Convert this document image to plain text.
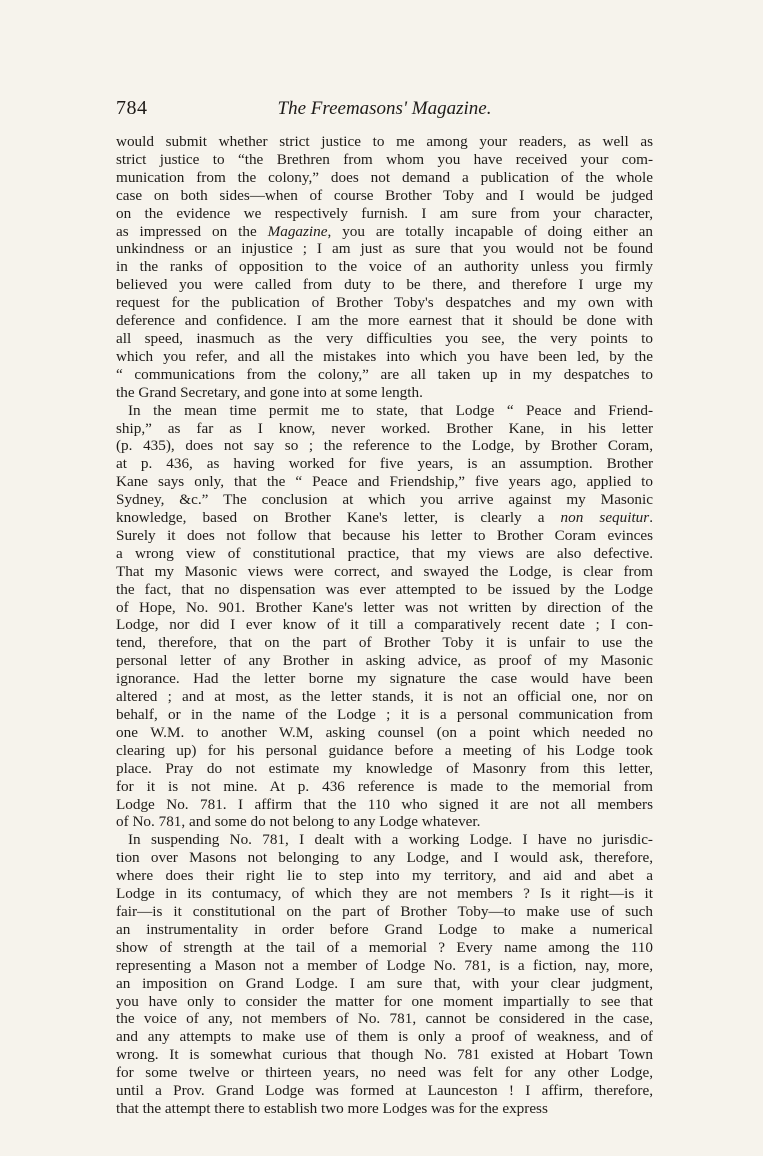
784	The Freemasons' Magazine.

would submit whether strict justice to me among your readers, as well as
strict justice to “the Brethren from whom you have received your com-
munication from the colony,” does not demand a publication of the whole
case on both sides—when of course Brother Toby and I would be judged
on the evidence we respectively furnish. I am sure from your character,
as impressed on the Magazine, you are totally incapable of doing either an
unkindness or an injustice ; I am just as sure that you would not be found
in the ranks of opposition to the voice of an authority unless you firmly
believed you were called from duty to be there, and therefore I urge my
request for the publication of Brother Toby's despatches and my own with
deference and confidence. I am the more earnest that it should be done with
all speed, inasmuch as the very difficulties you see, the very points to
which you refer, and all the mistakes into which you have been led, by the
“ communications from the colony,” are all taken up in my despatches to
the Grand Secretary, and gone into at some length.

In the mean time permit me to state, that Lodge “ Peace and Friend-
ship,” as far as I know, never worked. Brother Kane, in his letter
(p. 435), does not say so ; the reference to the Lodge, by Brother Coram,
at p. 436, as having worked for five years, is an assumption. Brother
Kane says only, that the “ Peace and Friendship,” five years ago, applied to
Sydney, &c.” The conclusion at which you arrive against my Masonic
knowledge, based on Brother Kane's letter, is clearly a non sequitur.
Surely it does not follow that because his letter to Brother Coram evinces
a wrong view of constitutional practice, that my views are also defective.
That my Masonic views were correct, and swayed the Lodge, is clear from
the fact, that no dispensation was ever attempted to be issued by the Lodge
of Hope, No. 901. Brother Kane's letter was not written by direction of the
Lodge, nor did I ever know of it till a comparatively recent date ; I con-
tend, therefore, that on the part of Brother Toby it is unfair to use the
personal letter of any Brother in asking advice, as proof of my Masonic
ignorance. Had the letter borne my signature the case would have been
altered ; and at most, as the letter stands, it is not an official one, nor on
behalf, or in the name of the Lodge ; it is a personal communication from
one W.M. to another W.M, asking counsel (on a point which needed no
clearing up) for his personal guidance before a meeting of his Lodge took
place. Pray do not estimate my knowledge of Masonry from this letter,
for it is not mine. At p. 436 reference is made to the memorial from
Lodge No. 781. I affirm that the 110 who signed it are not all members
of No. 781, and some do not belong to any Lodge whatever.

In suspending No. 781, I dealt with a working Lodge. I have no jurisdic-
tion over Masons not belonging to any Lodge, and I would ask, therefore,
where does their right lie to step into my territory, and aid and abet a
Lodge in its contumacy, of which they are not members ? Is it right—is it
fair—is it constitutional on the part of Brother Toby—to make use of such
an instrumentality in order before Grand Lodge to make a numerical
show of strength at the tail of a memorial ? Every name among the 110
representing a Mason not a member of Lodge No. 781, is a fiction, nay, more,
an imposition on Grand Lodge. I am sure that, with your clear judgment,
you have only to consider the matter for one moment impartially to see that
the voice of any, not members of No. 781, cannot be considered in the case,
and any attempts to make use of them is only a proof of weakness, and of
wrong. It is somewhat curious that though No. 781 existed at Hobart Town
for some twelve or thirteen years, no need was felt for any other Lodge,
until a Prov. Grand Lodge was formed at Launceston ! I affirm, therefore,
that the attempt there to establish two more Lodges was for the express
